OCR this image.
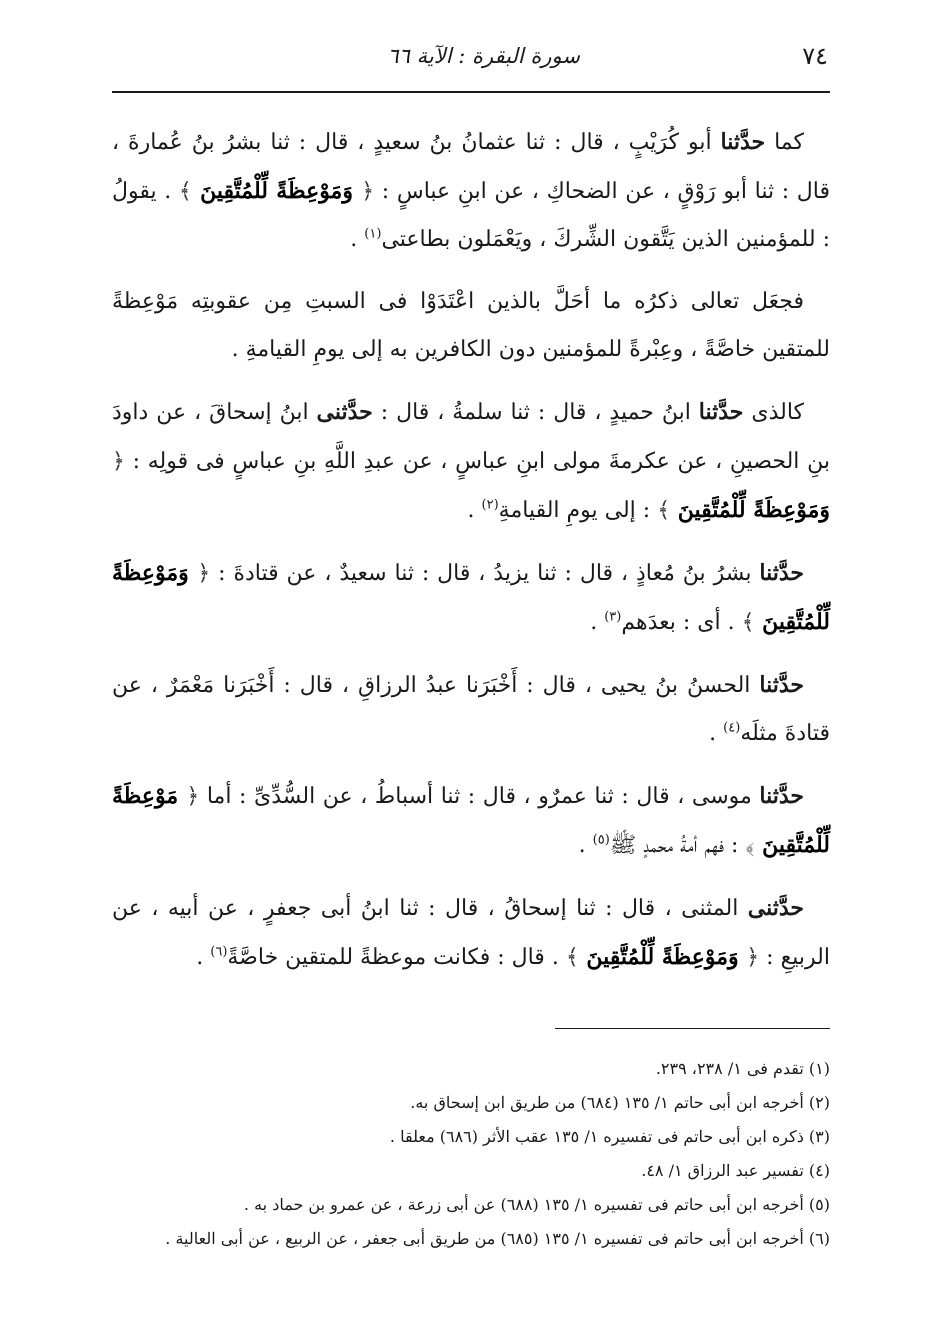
٧٤
سورة البقرة : الآية ٦٦

كما حدَّثنا أبو كُرَيْبٍ ، قال : ثنا عثمانُ بنُ سعيدٍ ، قال : ثنا بشرُ بنُ عُمارةَ ، قال : ثنا أبو رَوْقٍ ، عن الضحاكِ ، عن ابنِ عباسٍ : ﴿ وَمَوْعِظَةً لِّلْمُتَّقِينَ ﴾ . يقولُ : للمؤمنين الذين يَتَّقون الشِّركَ ، ويَعْمَلون بطاعتى$^{(١)}$ .

فجعَل تعالى ذكرُه ما أحَلَّ بالذين اعْتَدَوْا فى السبتِ مِن عقوبتِه مَوْعِظةً للمتقين خاصَّةً ، وعِبْرةً للمؤمنين دون الكافرين به إلى يومِ القيامةِ .

كالذى حدَّثنا ابنُ حميدٍ ، قال : ثنا سلمةُ ، قال : حدَّثنى ابنُ إسحاقَ ، عن داودَ بنِ الحصينِ ، عن عكرمةَ مولى ابنِ عباسٍ ، عن عبدِ اللَّهِ بنِ عباسٍ فى قولِه : ﴿ وَمَوْعِظَةً لِّلْمُتَّقِينَ ﴾ : إلى يومِ القيامةِ$^{(٢)}$ .

حدَّثنا بشرُ بنُ مُعاذٍ ، قال : ثنا يزيدُ ، قال : ثنا سعيدٌ ، عن قتادةَ : ﴿ وَمَوْعِظَةً لِّلْمُتَّقِينَ ﴾ . أى : بعدَهم$^{(٣)}$ .

حدَّثنا الحسنُ بنُ يحيى ، قال : أَخْبَرَنا عبدُ الرزاقِ ، قال : أَخْبَرَنا مَعْمَرٌ ، عن قتادةَ مثلَه$^{(٤)}$ .

حدَّثنا موسى ، قال : ثنا عمرٌو ، قال : ثنا أسباطُ ، عن السُّدِّىِّ : أما ﴿ مَوْعِظَةً لِّلْمُتَّقِينَ ﴾ : فهم أمةُ محمدٍ ﷺ$^{(٥)}$ .

حدَّثنى المثنى ، قال : ثنا إسحاقُ ، قال : ثنا ابنُ أبى جعفرٍ ، عن أبيه ، عن الربيعِ : ﴿ وَمَوْعِظَةً لِّلْمُتَّقِينَ ﴾ . قال : فكانت موعظةً للمتقين خاصَّةً$^{(٦)}$ .

(١) تقدم فى ١/ ٢٣٨، ٢٣٩.

(٢) أخرجه ابن أبى حاتم ١/ ١٣٥ (٦٨٤) من طريق ابن إسحاق به.

(٣) ذكره ابن أبى حاتم فى تفسيره ١/ ١٣٥ عقب الأثر (٦٨٦) معلقا .

(٤) تفسير عبد الرزاق ١/ ٤٨.

(٥) أخرجه ابن أبى حاتم فى تفسيره ١/ ١٣٥ (٦٨٨) عن أبى زرعة ، عن عمرو بن حماد به .

(٦) أخرجه ابن أبى حاتم فى تفسيره ١/ ١٣٥ (٦٨٥) من طريق أبى جعفر ، عن الربيع ، عن أبى العالية .
